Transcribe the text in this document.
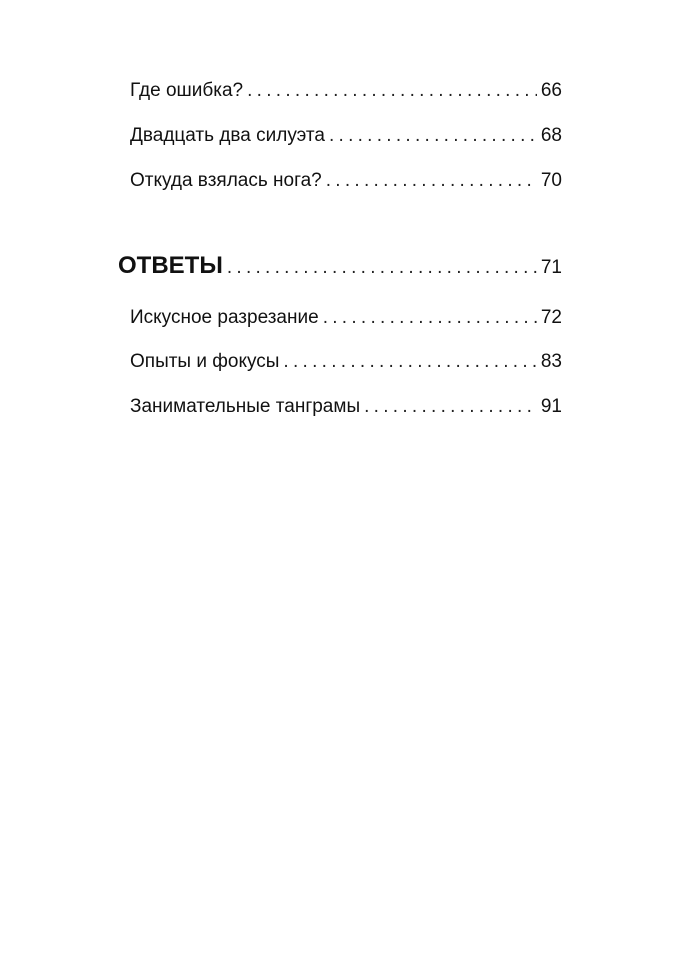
Где ошибка? . . .	66
Двадцать два силуэта . . .	68
Откуда взялась нога? . . .	70
ОТВЕТЫ . . .	71
Искусное разрезание . . .	72
Опыты и фокусы . . .	83
Занимательные танграмы . . .	91
